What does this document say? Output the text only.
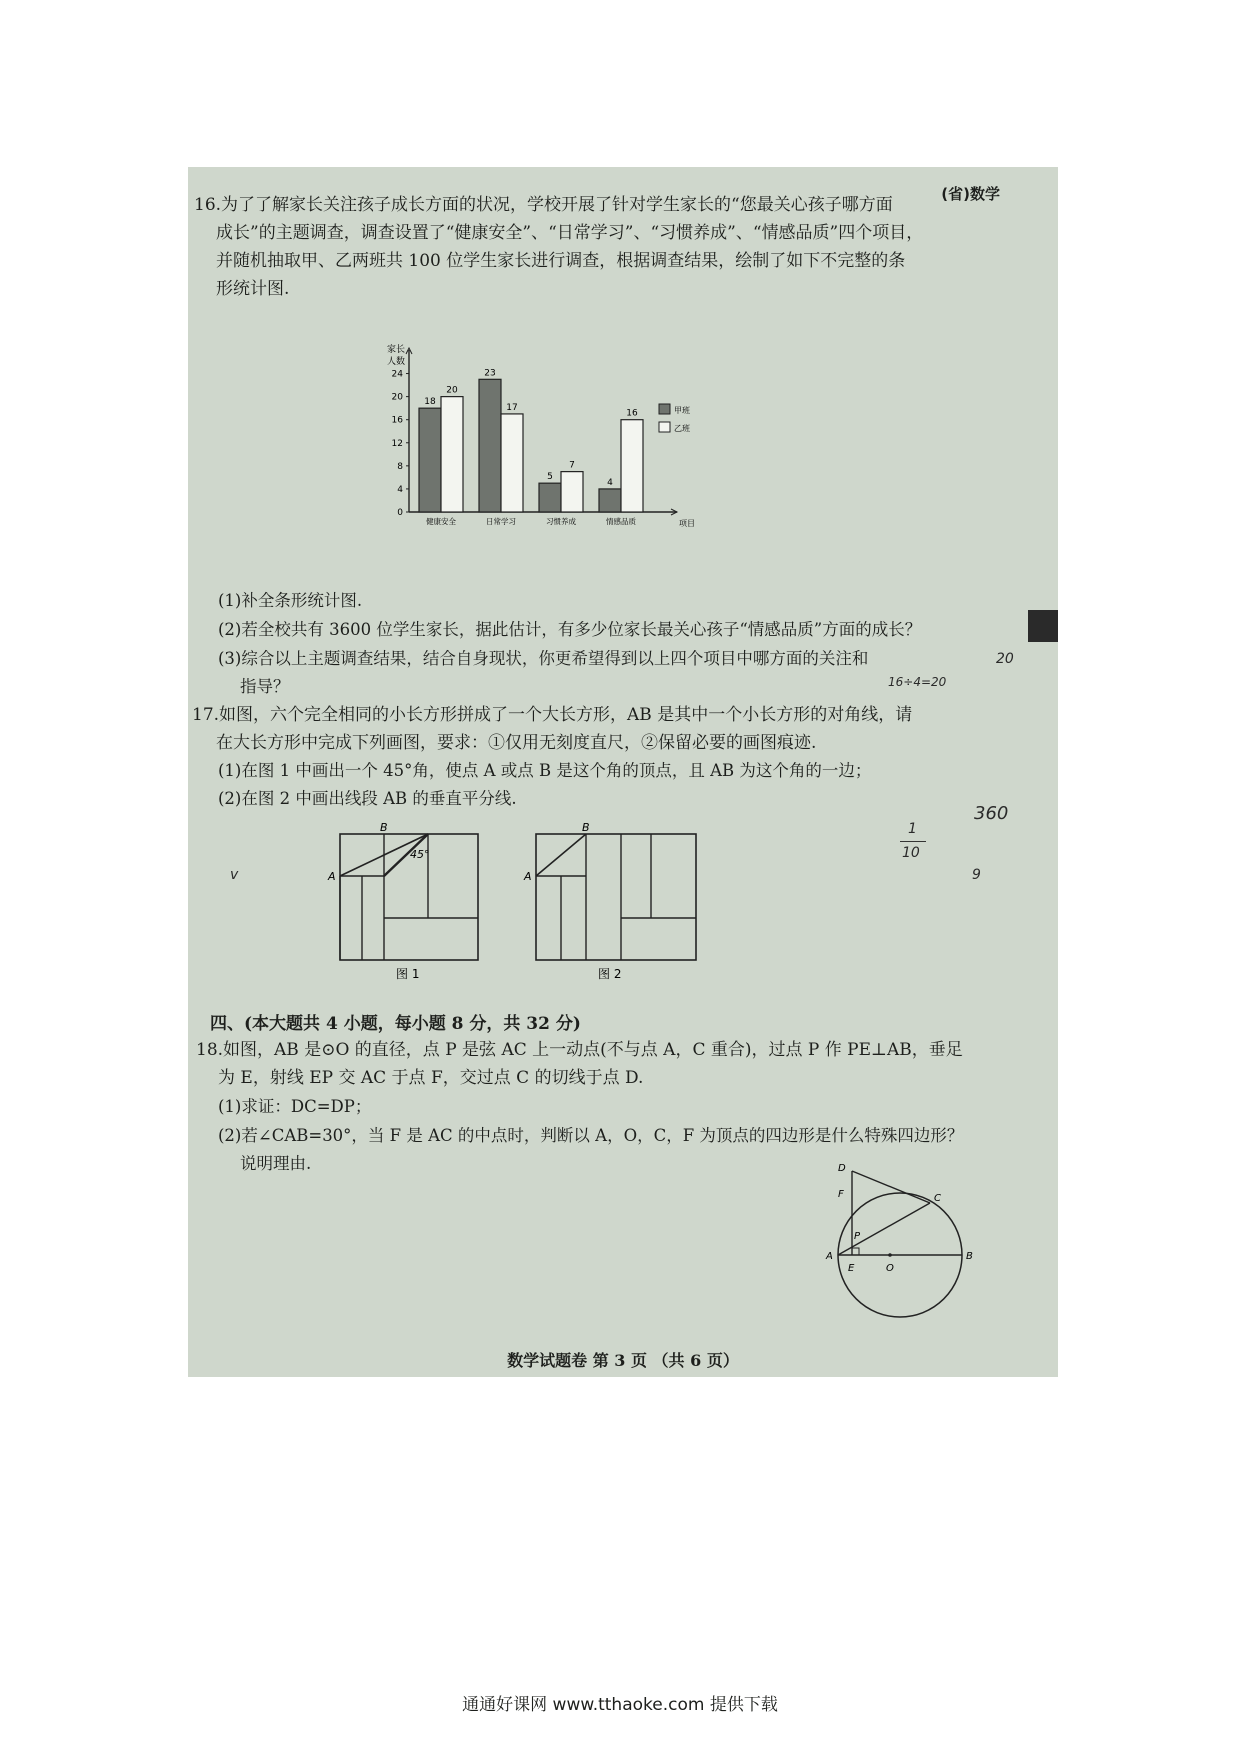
(省)数学
16.为了了解家长关注孩子成长方面的状况，学校开展了针对学生家长的“您最关心孩子哪方面
成长”的主题调查，调查设置了“健康安全”、“日常学习”、“习惯养成”、“情感品质”四个项目，
并随机抽取甲、乙两班共 100 位学生家长进行调查，根据调查结果，绘制了如下不完整的条
形统计图.
家长
人数
项目
0
4
8
12
16
20
24
18
20
健康安全
23
17
日常学习
5
7
习惯养成
4
16
情感品质
甲班
乙班
(1)补全条形统计图.
(2)若全校共有 3600 位学生家长，据此估计，有多少位家长最关心孩子“情感品质”方面的成长？
(3)综合以上主题调查结果，结合自身现状，你更希望得到以上四个项目中哪方面的关注和
指导？
17.如图，六个完全相同的小长方形拼成了一个大长方形，AB 是其中一个小长方形的对角线，请
在大长方形中完成下列画图，要求：①仅用无刻度直尺，②保留必要的画图痕迹.
(1)在图 1 中画出一个 45°角，使点 A 或点 B 是这个角的顶点，且 AB 为这个角的一边；
(2)在图 2 中画出线段 AB 的垂直平分线.
45°
A
B
图 1
A
B
图 2
四、(本大题共 4 小题，每小题 8 分，共 32 分)
18.如图，AB 是⊙O 的直径，点 P 是弦 AC 上一动点(不与点 A，C 重合)，过点 P 作 PE⊥AB，垂足
为 E，射线 EP 交 AC 于点 F，交过点 C 的切线于点 D.
(1)求证：DC=DP；
(2)若∠CAB=30°，当 F 是 AC 的中点时，判断以 A，O，C，F 为顶点的四边形是什么特殊四边形？
说明理由.	D
F	C
P
A	B
E	O
20
16÷4=20
360
1
10
9
v
数学试题卷 第 3 页 （共 6 页）
通通好课网 www.tthaoke.com 提供下载
